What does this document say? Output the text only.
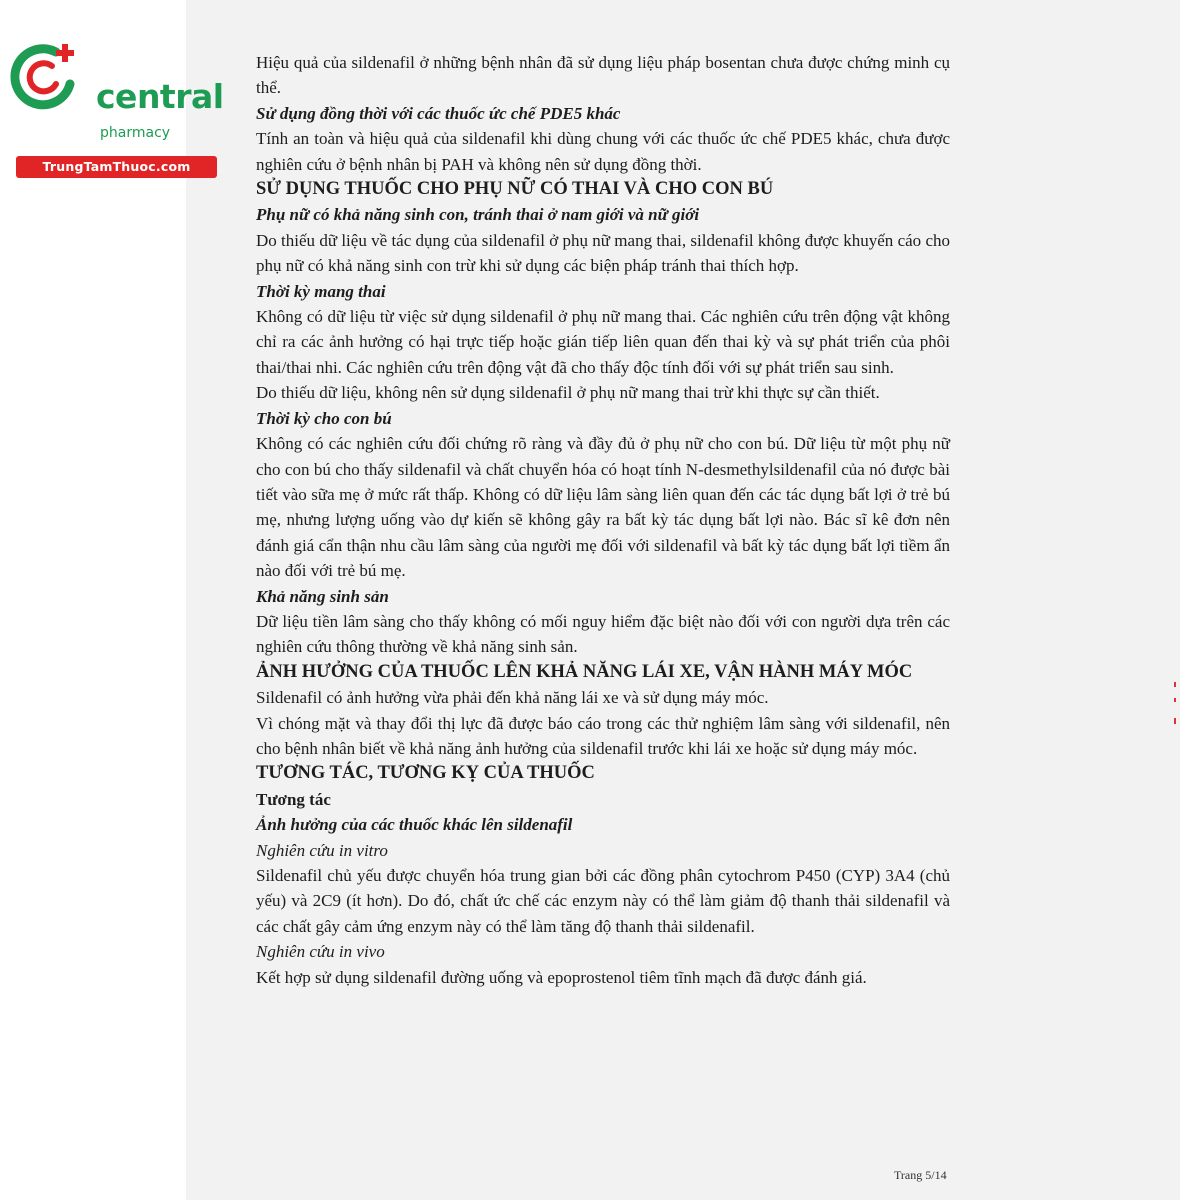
central
pharmacy
TrungTamThuoc.com

Hiệu quả của sildenafil ở những bệnh nhân đã sử dụng liệu pháp bosentan chưa được chứng minh cụ thể.

Sử dụng đồng thời với các thuốc ức chế PDE5 khác

Tính an toàn và hiệu quả của sildenafil khi dùng chung với các thuốc ức chế PDE5 khác, chưa được nghiên cứu ở bệnh nhân bị PAH và không nên sử dụng đồng thời.

SỬ DỤNG THUỐC CHO PHỤ NỮ CÓ THAI VÀ CHO CON BÚ

Phụ nữ có khả năng sinh con, tránh thai ở nam giới và nữ giới

Do thiếu dữ liệu về tác dụng của sildenafil ở phụ nữ mang thai, sildenafil không được khuyến cáo cho phụ nữ có khả năng sinh con trừ khi sử dụng các biện pháp tránh thai thích hợp.

Thời kỳ mang thai

Không có dữ liệu từ việc sử dụng sildenafil ở phụ nữ mang thai. Các nghiên cứu trên động vật không chỉ ra các ảnh hưởng có hại trực tiếp hoặc gián tiếp liên quan đến thai kỳ và sự phát triển của phôi thai/thai nhi. Các nghiên cứu trên động vật đã cho thấy độc tính đối với sự phát triển sau sinh.

Do thiếu dữ liệu, không nên sử dụng sildenafil ở phụ nữ mang thai trừ khi thực sự cần thiết.

Thời kỳ cho con bú

Không có các nghiên cứu đối chứng rõ ràng và đầy đủ ở phụ nữ cho con bú. Dữ liệu từ một phụ nữ cho con bú cho thấy sildenafil và chất chuyển hóa có hoạt tính N-desmethylsildenafil của nó được bài tiết vào sữa mẹ ở mức rất thấp. Không có dữ liệu lâm sàng liên quan đến các tác dụng bất lợi ở trẻ bú mẹ, nhưng lượng uống vào dự kiến sẽ không gây ra bất kỳ tác dụng bất lợi nào. Bác sĩ kê đơn nên đánh giá cẩn thận nhu cầu lâm sàng của người mẹ đối với sildenafil và bất kỳ tác dụng bất lợi tiềm ẩn nào đối với trẻ bú mẹ.

Khả năng sinh sản

Dữ liệu tiền lâm sàng cho thấy không có mối nguy hiểm đặc biệt nào đối với con người dựa trên các nghiên cứu thông thường về khả năng sinh sản.

ẢNH HƯỞNG CỦA THUỐC LÊN KHẢ NĂNG LÁI XE, VẬN HÀNH MÁY MÓC

Sildenafil có ảnh hưởng vừa phải đến khả năng lái xe và sử dụng máy móc.

Vì chóng mặt và thay đổi thị lực đã được báo cáo trong các thử nghiệm lâm sàng với sildenafil, nên cho bệnh nhân biết về khả năng ảnh hưởng của sildenafil trước khi lái xe hoặc sử dụng máy móc.

TƯƠNG TÁC, TƯƠNG KỴ CỦA THUỐC

Tương tác

Ảnh hưởng của các thuốc khác lên sildenafil

Nghiên cứu in vitro

Sildenafil chủ yếu được chuyển hóa trung gian bởi các đồng phân cytochrom P450 (CYP) 3A4 (chủ yếu) và 2C9 (ít hơn). Do đó, chất ức chế các enzym này có thể làm giảm độ thanh thải sildenafil và các chất gây cảm ứng enzym này có thể làm tăng độ thanh thải sildenafil.

Nghiên cứu in vivo

Kết hợp sử dụng sildenafil đường uống và epoprostenol tiêm tĩnh mạch đã được đánh giá.

Trang 5/14
